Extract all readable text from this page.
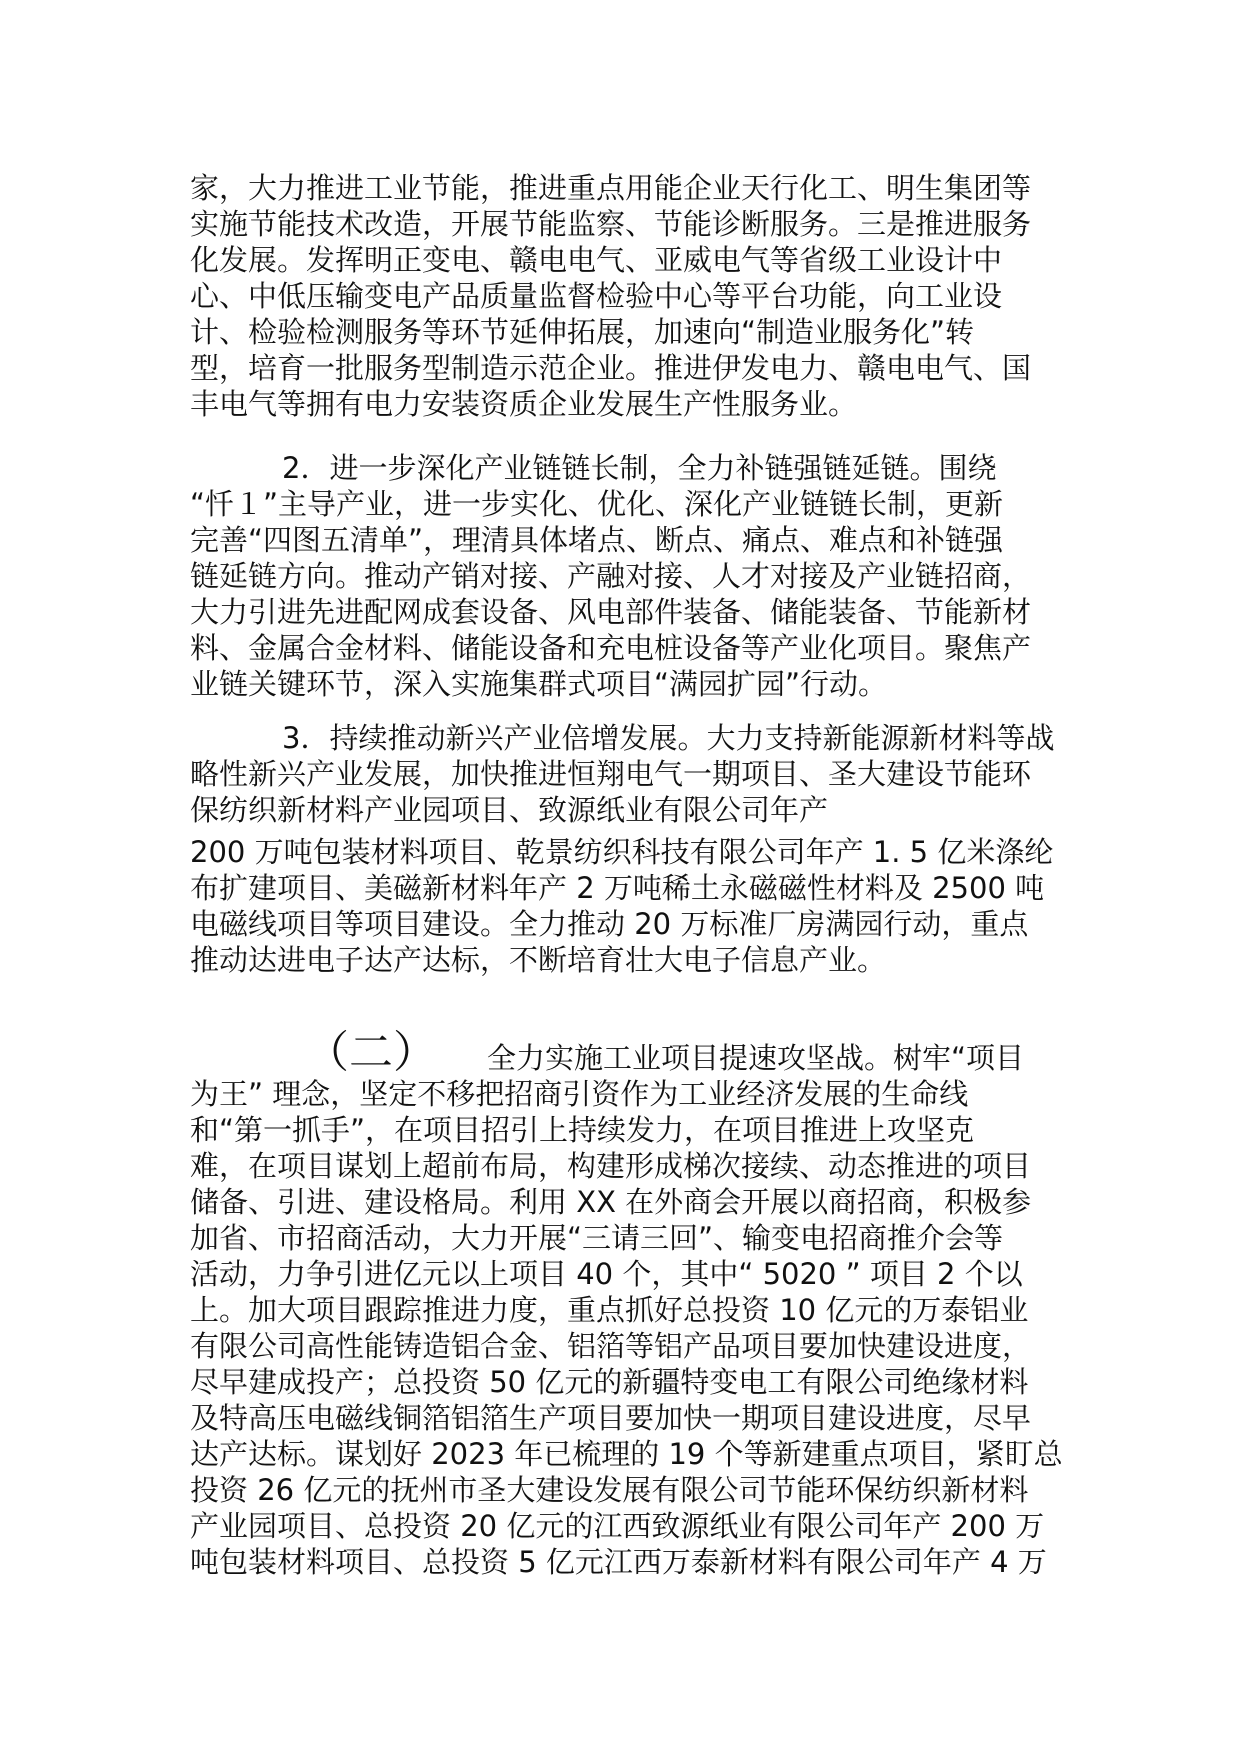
家，大力推进工业节能，推进重点用能企业天行化工、明生集团等

实施节能技术改造，开展节能监察、节能诊断服务。三是推进服务

化发展。发挥明正变电、赣电电气、亚威电气等省级工业设计中

心、中低压输变电产品质量监督检验中心等平台功能，向工业设

计、检验检测服务等环节延伸拓展，加速向“制造业服务化”转

型，培育一批服务型制造示范企业。推进伊发电力、赣电电气、国

丰电气等拥有电力安装资质企业发展生产性服务业。

2．进一步深化产业链链长制，全力补链强链延链。围绕

“忏１”主导产业，进一步实化、优化、深化产业链链长制，更新

完善“四图五清单”，理清具体堵点、断点、痛点、难点和补链强

链延链方向。推动产销对接、产融对接、人才对接及产业链招商，

大力引进先进配网成套设备、风电部件装备、储能装备、节能新材

料、金属合金材料、储能设备和充电桩设备等产业化项目。聚焦产

业链关键环节，深入实施集群式项目“满园扩园”行动。

3．持续推动新兴产业倍增发展。大力支持新能源新材料等战

略性新兴产业发展，加快推进恒翔电气一期项目、圣大建设节能环

保纺织新材料产业园项目、致源纸业有限公司年产

200 万吨包装材料项目、乾景纺织科技有限公司年产 1. 5 亿米涤纶

布扩建项目、美磁新材料年产 2 万吨稀土永磁磁性材料及 2500 吨

电磁线项目等项目建设。全力推动 20 万标准厂房满园行动，重点

推动达进电子达产达标，不断培育壮大电子信息产业。

（二） 全力实施工业项目提速攻坚战。树牢“项目

为王” 理念，坚定不移把招商引资作为工业经济发展的生命线

和“第一抓手”，在项目招引上持续发力，在项目推进上攻坚克

难，在项目谋划上超前布局，构建形成梯次接续、动态推进的项目

储备、引进、建设格局。利用 XX 在外商会开展以商招商，积极参

加省、市招商活动，大力开展“三请三回”、输变电招商推介会等

活动，力争引进亿元以上项目 40 个，其中“ 5020 ” 项目 2 个以

上。加大项目跟踪推进力度，重点抓好总投资 10 亿元的万泰铝业

有限公司高性能铸造铝合金、铝箔等铝产品项目要加快建设进度，

尽早建成投产；总投资 50 亿元的新疆特变电工有限公司绝缘材料

及特高压电磁线铜箔铝箔生产项目要加快一期项目建设进度，尽早

达产达标。谋划好 2023 年已梳理的 19 个等新建重点项目，紧盯总

投资 26 亿元的抚州市圣大建设发展有限公司节能环保纺织新材料

产业园项目、总投资 20 亿元的江西致源纸业有限公司年产 200 万

吨包装材料项目、总投资 5 亿元江西万泰新材料有限公司年产 4 万
